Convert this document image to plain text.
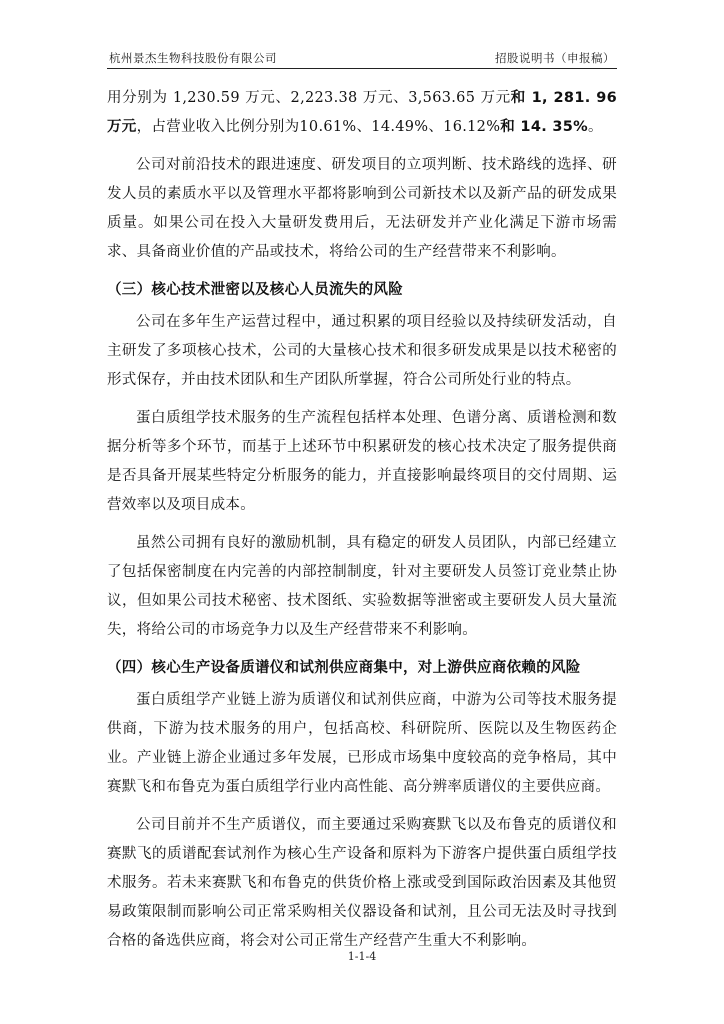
杭州景杰生物科技股份有限公司	招股说明书（申报稿）

用分别为 1,230.59 万元、2,223.38 万元、3,563.65 万元和 1, 281. 96 万元，占营业收入比例分别为10.61%、14.49%、16.12%和 14. 35%。

公司对前沿技术的跟进速度、研发项目的立项判断、技术路线的选择、研发人员的素质水平以及管理水平都将影响到公司新技术以及新产品的研发成果质量。如果公司在投入大量研发费用后，无法研发并产业化满足下游市场需求、具备商业价值的产品或技术，将给公司的生产经营带来不利影响。

（三）核心技术泄密以及核心人员流失的风险

公司在多年生产运营过程中，通过积累的项目经验以及持续研发活动，自主研发了多项核心技术，公司的大量核心技术和很多研发成果是以技术秘密的形式保存，并由技术团队和生产团队所掌握，符合公司所处行业的特点。

蛋白质组学技术服务的生产流程包括样本处理、色谱分离、质谱检测和数据分析等多个环节，而基于上述环节中积累研发的核心技术决定了服务提供商是否具备开展某些特定分析服务的能力，并直接影响最终项目的交付周期、运营效率以及项目成本。

虽然公司拥有良好的激励机制，具有稳定的研发人员团队，内部已经建立了包括保密制度在内完善的内部控制制度，针对主要研发人员签订竞业禁止协议，但如果公司技术秘密、技术图纸、实验数据等泄密或主要研发人员大量流失，将给公司的市场竞争力以及生产经营带来不利影响。

（四）核心生产设备质谱仪和试剂供应商集中，对上游供应商依赖的风险

蛋白质组学产业链上游为质谱仪和试剂供应商，中游为公司等技术服务提供商，下游为技术服务的用户，包括高校、科研院所、医院以及生物医药企业。产业链上游企业通过多年发展，已形成市场集中度较高的竞争格局，其中赛默飞和布鲁克为蛋白质组学行业内高性能、高分辨率质谱仪的主要供应商。

公司目前并不生产质谱仪，而主要通过采购赛默飞以及布鲁克的质谱仪和赛默飞的质谱配套试剂作为核心生产设备和原料为下游客户提供蛋白质组学技术服务。若未来赛默飞和布鲁克的供货价格上涨或受到国际政治因素及其他贸易政策限制而影响公司正常采购相关仪器设备和试剂，且公司无法及时寻找到合格的备选供应商，将会对公司正常生产经营产生重大不利影响。

1-1-4
